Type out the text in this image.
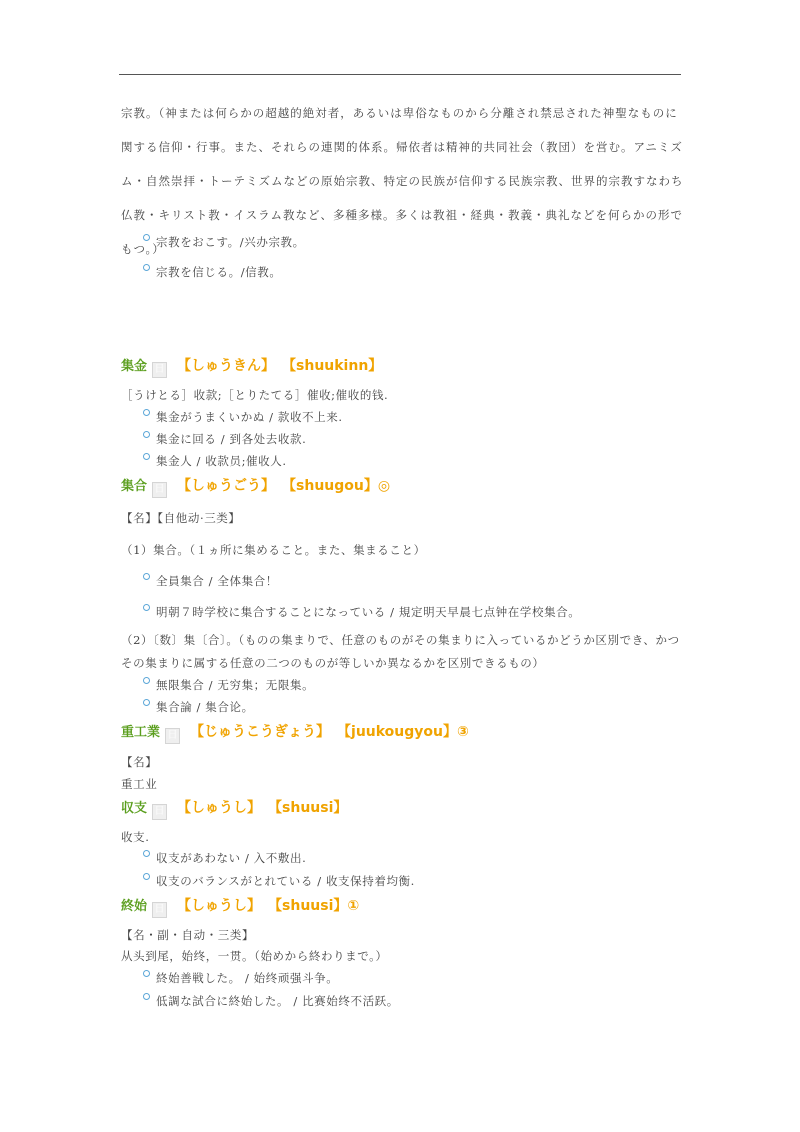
宗教。（神または何らかの超越的絶対者，あるいは卑俗なものから分離され禁忌された神聖なものに関する信仰・行事。また、それらの連関的体系。帰依者は精神的共同社会（教団）を営む。アニミズム・自然崇拝・トーテミズムなどの原始宗教、特定の民族が信仰する民族宗教、世界的宗教すなわち仏教・キリスト教・イスラム教など、多種多様。多くは教祖・経典・教義・典礼などを何らかの形でもつ。）
宗教をおこす。/兴办宗教。
宗教を信じる。/信教。
集金 日 【しゅうきん】 【shuukinn】
［うけとる］收款;［とりたてる］催收;催收的钱.
集金がうまくいかぬ / 款收不上来.
集金に回る / 到各处去收款.
集金人 / 收款员;催收人.
集合 日 【しゅうごう】 【shuugou】◎
【名】【自他动·三类】
（1）集合。（１ヵ所に集めること。また、集まること）
全員集合 / 全体集合！
明朝７時学校に集合することになっている / 規定明天早晨七点钟在学校集合。
（2）〔数〕集〔合〕。（ものの集まりで、任意のものがその集まりに入っているかどうか区別でき、かつ
その集まりに属する任意の二つのものが等しいか異なるかを区別できるもの）
無限集合 / 无穷集；无限集。
集合論 / 集合论。
重工業 日 【じゅうこうぎょう】 【juukougyou】③
【名】
重工业
収支 日 【しゅうし】 【shuusi】
收支.
収支があわない / 入不敷出.
収支のバランスがとれている / 收支保持着均衡.
終始 日 【しゅうし】 【shuusi】①
【名・副・自动・三类】
从头到尾，始终，一贯。（始めから終わりまで。）
終始善戦した。 / 始终顽强斗争。
低調な試合に終始した。 / 比赛始终不活跃。
